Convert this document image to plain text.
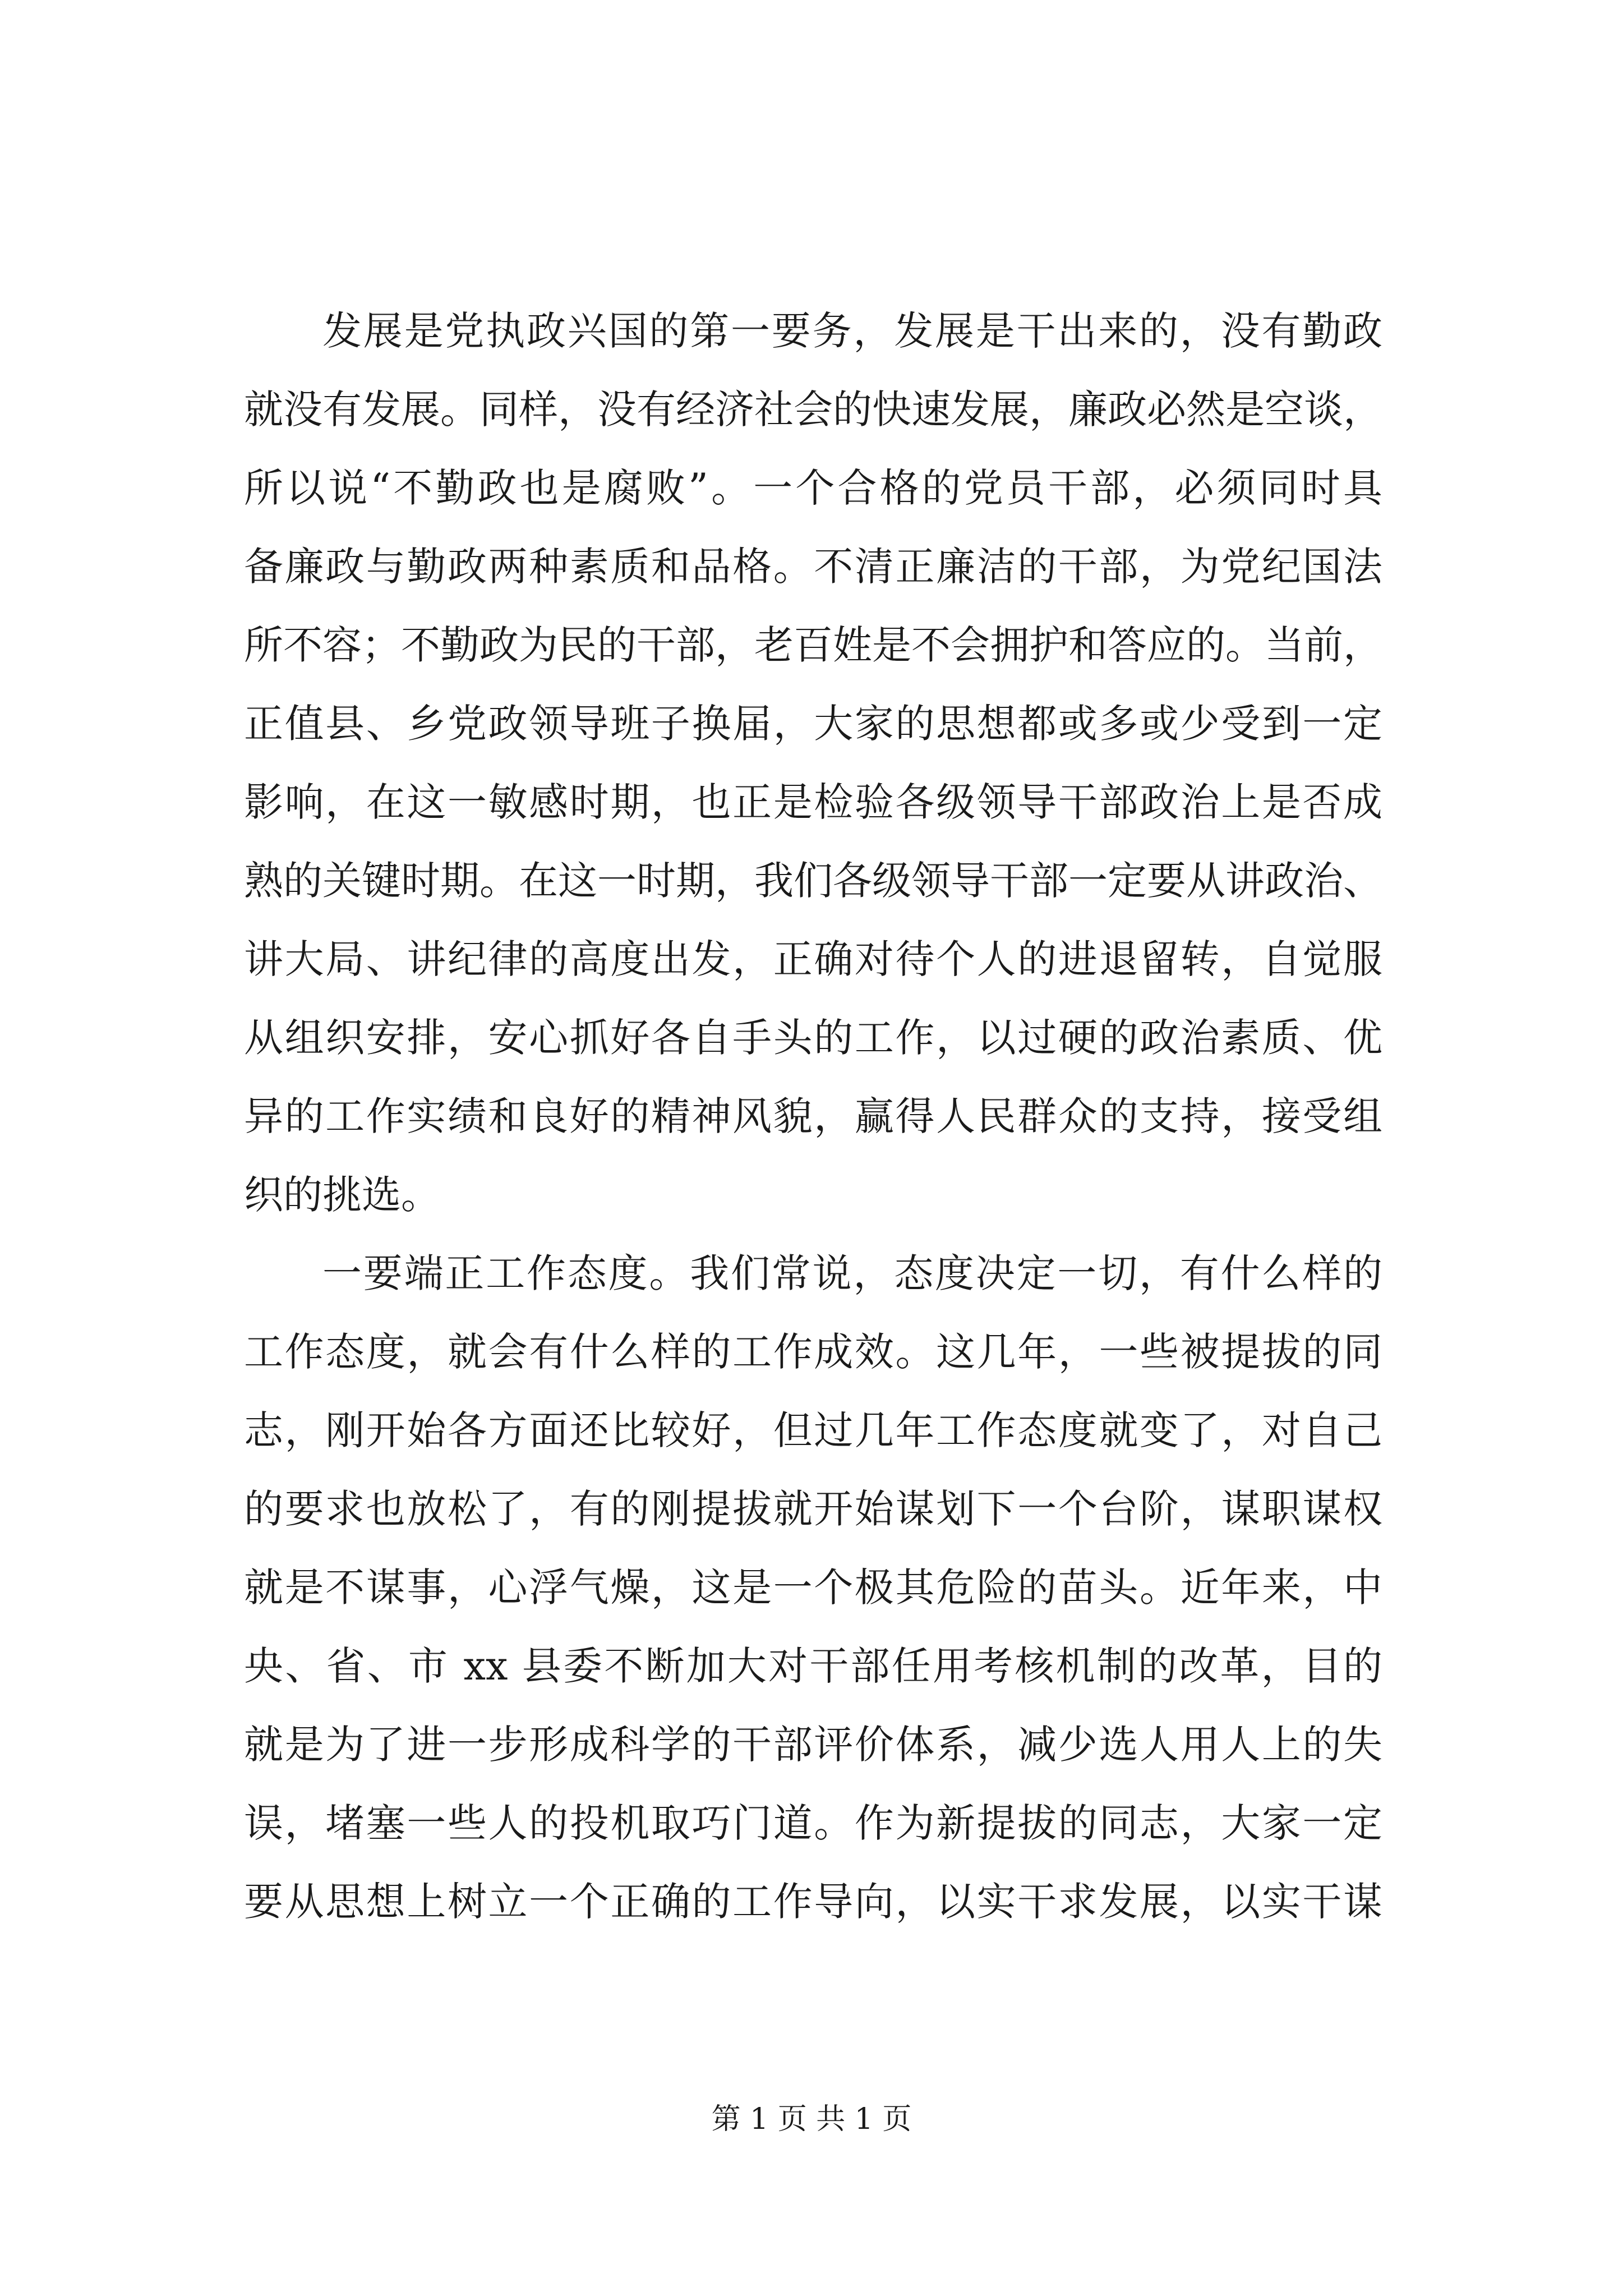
发展是党执政兴国的第一要务，发展是干出来的，没有勤政
就没有发展。同样，没有经济社会的快速发展，廉政必然是空谈，
所以说“不勤政也是腐败”。一个合格的党员干部，必须同时具
备廉政与勤政两种素质和品格。不清正廉洁的干部，为党纪国法
所不容；不勤政为民的干部，老百姓是不会拥护和答应的。当前，
正值县、乡党政领导班子换届，大家的思想都或多或少受到一定
影响，在这一敏感时期，也正是检验各级领导干部政治上是否成
熟的关键时期。在这一时期，我们各级领导干部一定要从讲政治、
讲大局、讲纪律的高度出发，正确对待个人的进退留转，自觉服
从组织安排，安心抓好各自手头的工作，以过硬的政治素质、优
异的工作实绩和良好的精神风貌，赢得人民群众的支持，接受组
织的挑选。
一要端正工作态度。我们常说，态度决定一切，有什么样的
工作态度，就会有什么样的工作成效。这几年，一些被提拔的同
志，刚开始各方面还比较好，但过几年工作态度就变了，对自己
的要求也放松了，有的刚提拔就开始谋划下一个台阶，谋职谋权
就是不谋事，心浮气燥，这是一个极其危险的苗头。近年来，中
央、省、市 xx 县委不断加大对干部任用考核机制的改革，目的
就是为了进一步形成科学的干部评价体系，减少选人用人上的失
误，堵塞一些人的投机取巧门道。作为新提拔的同志，大家一定
要从思想上树立一个正确的工作导向，以实干求发展，以实干谋
第 1 页 共 1 页
